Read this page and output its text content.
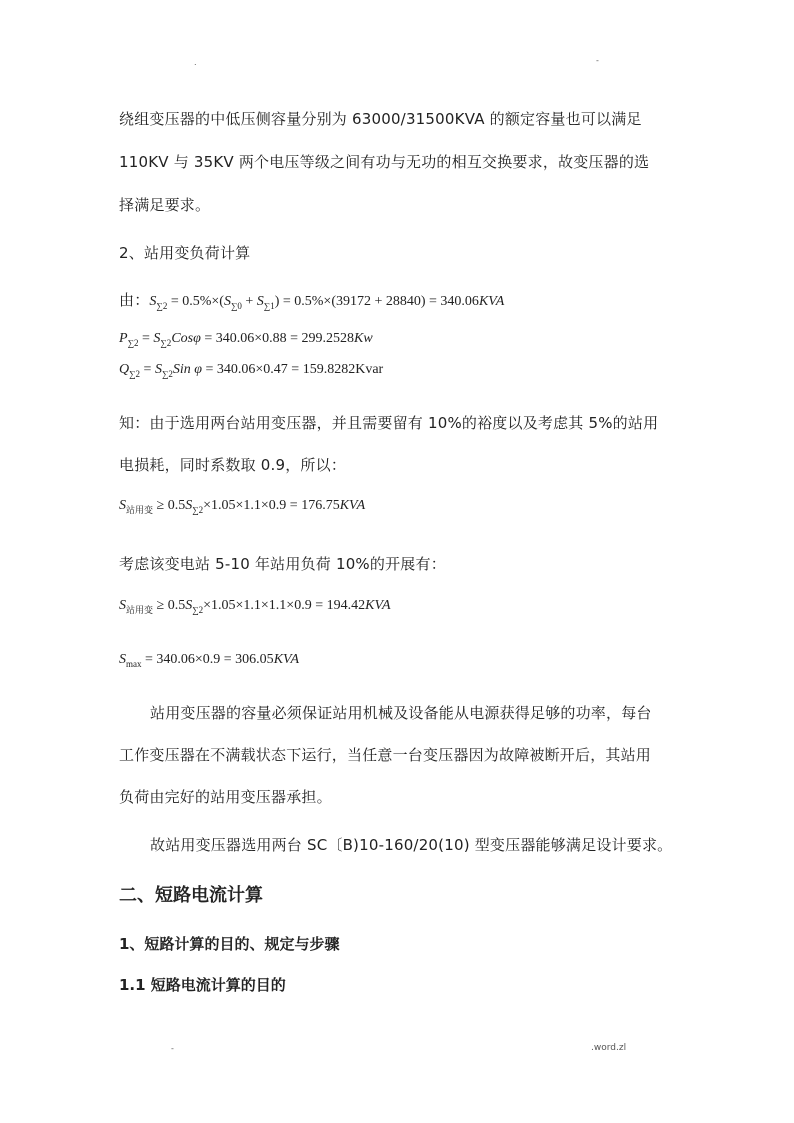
.	-
绕组变压器的中低压侧容量分别为 63000/31500KVA 的额定容量也可以满足
110KV 与 35KV 两个电压等级之间有功与无功的相互交换要求，故变压器的选
择满足要求。
2、站用变负荷计算
由：$S_{\sum 2} = 0.5\%\times(S_{\sum 0} + S_{\sum 1}) = 0.5\%\times(39172 + 28840) = 340.06KVA$
$P_{\sum 2} = S_{\sum 2}Cos\varphi = 340.06\times 0.88 = 299.2528Kw$
$Q_{\sum 2} = S_{\sum 2}Sin$ φ = 340.06×0.47 = 159.8282Kvar
知：由于选用两台站用变压器，并且需要留有 10%的裕度以及考虑其 5%的站用
电损耗，同时系数取 0.9，所以：
$S_{站用变} \ge 0.5S_{\sum 2}\times 1.05\times 1.1\times 0.9 = 176.75KVA$
考虑该变电站 5-10 年站用负荷 10%的开展有：
$S_{站用变} \ge 0.5S_{\sum 2}\times 1.05\times 1.1\times 1.1\times 0.9 = 194.42KVA$
$S_{max} = 340.06\times 0.9 = 306.05KVA$
站用变压器的容量必须保证站用机械及设备能从电源获得足够的功率，每台
工作变压器在不满载状态下运行，当任意一台变压器因为故障被断开后，其站用
负荷由完好的站用变压器承担。
故站用变压器选用两台 SC〔B)10-160/20(10) 型变压器能够满足设计要求。
二、短路电流计算
1、短路计算的目的、规定与步骤
1.1 短路电流计算的目的
-	.word.zl
